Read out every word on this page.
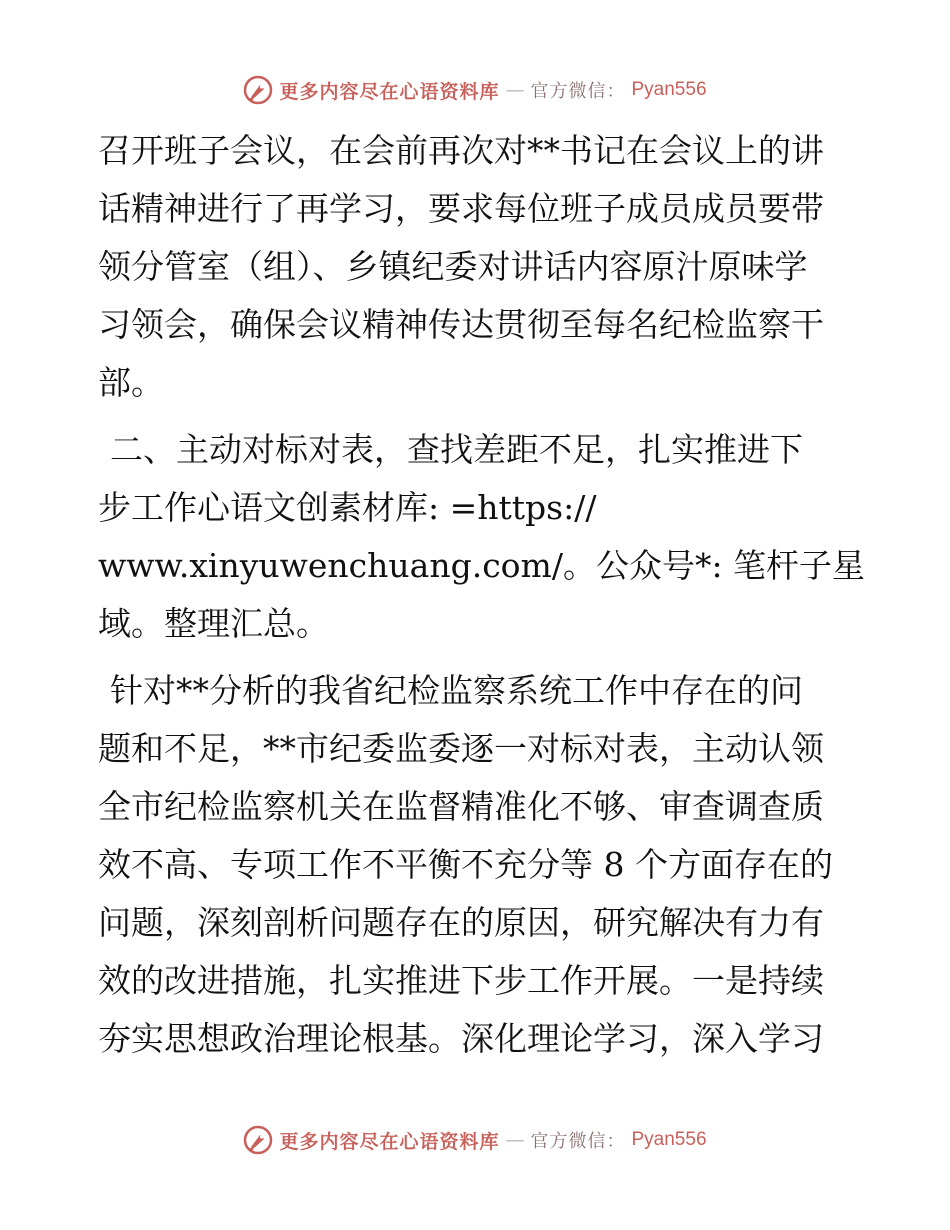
更多内容尽在心语资料库 — 官方微信： Pyan556
召开班子会议，在会前再次对**书记在会议上的讲
话精神进行了再学习，要求每位班子成员成员要带
领分管室（组）、乡镇纪委对讲话内容原汁原味学
习领会，确保会议精神传达贯彻至每名纪检监察干
部。
二、主动对标对表，查找差距不足，扎实推进下
步工作心语文创素材库: =https://
www.xinyuwenchuang.com/。公众号*: 笔杆子星
域。整理汇总。
针对**分析的我省纪检监察系统工作中存在的问
题和不足，**市纪委监委逐一对标对表，主动认领
全市纪检监察机关在监督精准化不够、审查调查质
效不高、专项工作不平衡不充分等 8 个方面存在的
问题，深刻剖析问题存在的原因，研究解决有力有
效的改进措施，扎实推进下步工作开展。一是持续
夯实思想政治理论根基。深化理论学习，深入学习
更多内容尽在心语资料库 — 官方微信： Pyan556
